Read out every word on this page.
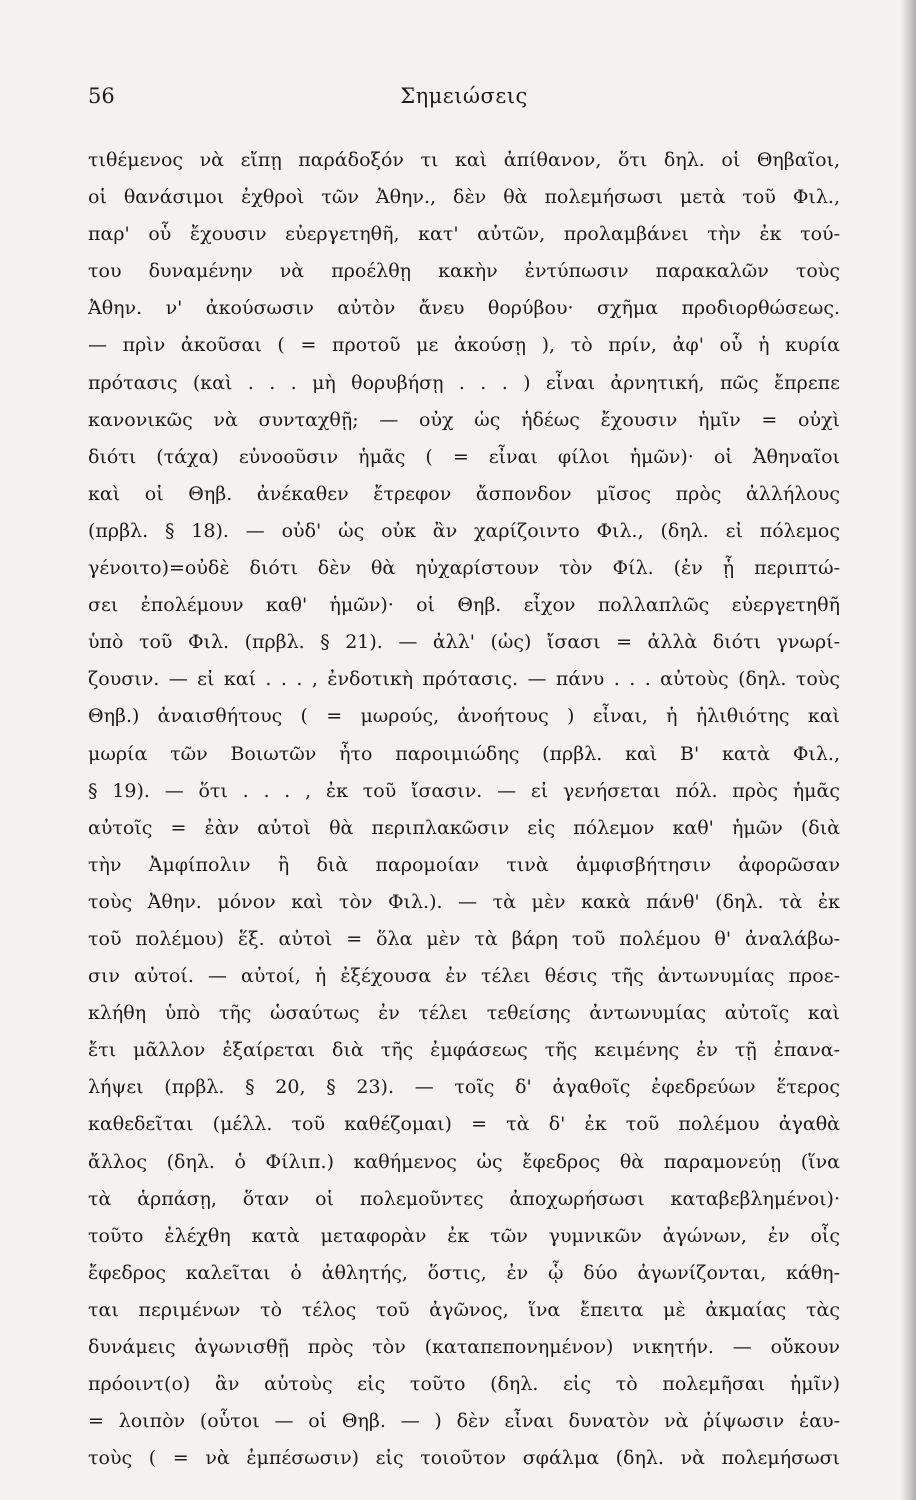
56	Σημειώσεις
τιθέμενος νὰ εἴπῃ παράδοξόν τι καὶ ἀπίθανον, ὅτι δηλ. οἱ Θηβαῖοι,
οἱ θανάσιμοι ἐχθροὶ τῶν Ἀθην., δὲν θὰ πολεμήσωσι μετὰ τοῦ Φιλ.,
παρ' οὗ ἔχουσιν εὐεργετηθῆ, κατ' αὐτῶν, προλαμβάνει τὴν ἐκ τού-
του δυναμένην νὰ προέλθῃ κακὴν ἐντύπωσιν παρακαλῶν τοὺς
Ἀθην. ν' ἀκούσωσιν αὐτὸν ἄνευ θορύβου· σχῆμα προδιορθώσεως.
— πρὶν ἀκοῦσαι ( = προτοῦ με ἀκούσῃ ), τὸ πρίν, ἀφ' οὗ ἡ κυρία
πρότασις (καὶ . . . μὴ θορυβήσῃ . . . ) εἶναι ἀρνητική, πῶς ἔπρεπε
κανονικῶς νὰ συνταχθῇ; — οὐχ ὡς ἡδέως ἔχουσιν ἡμῖν = οὐχὶ
διότι (τάχα) εὐνοοῦσιν ἡμᾶς ( = εἶναι φίλοι ἡμῶν)· οἱ Ἀθηναῖοι
καὶ οἱ Θηβ. ἀνέκαθεν ἔτρεφον ἄσπονδον μῖσος πρὸς ἀλλήλους
(πρβλ. § 18). — οὐδ' ὡς οὐκ ἂν χαρίζοιντο Φιλ., (δηλ. εἰ πόλεμος
γένοιτο)=οὐδὲ διότι δὲν θὰ ηὐχαρίστουν τὸν Φίλ. (ἐν ᾗ περιπτώ-
σει ἐπολέμουν καθ' ἡμῶν)· οἱ Θηβ. εἶχον πολλαπλῶς εὐεργετηθῆ
ὑπὸ τοῦ Φιλ. (πρβλ. § 21). — ἀλλ' (ὡς) ἴσασι = ἀλλὰ διότι γνωρί-
ζουσιν. — εἰ καί . . . , ἐνδοτικὴ πρότασις. — πάνυ . . . αὐτοὺς (δηλ. τοὺς
Θηβ.) ἀναισθήτους ( = μωρούς, ἀνοήτους ) εἶναι, ἡ ἠλιθιότης καὶ
μωρία τῶν Βοιωτῶν ἦτο παροιμιώδης (πρβλ. καὶ Β' κατὰ Φιλ.,
§ 19). — ὅτι . . . , ἐκ τοῦ ἴσασιν. — εἰ γενήσεται πόλ. πρὸς ἡμᾶς
αὐτοῖς = ἐὰν αὐτοὶ θὰ περιπλακῶσιν εἰς πόλεμον καθ' ἡμῶν (διὰ
τὴν Ἀμφίπολιν ἢ διὰ παρομοίαν τινὰ ἀμφισβήτησιν ἀφορῶσαν
τοὺς Ἀθην. μόνον καὶ τὸν Φιλ.). — τὰ μὲν κακὰ πάνθ' (δηλ. τὰ ἐκ
τοῦ πολέμου) ἕξ. αὐτοὶ = ὅλα μὲν τὰ βάρη τοῦ πολέμου θ' ἀναλάβω-
σιν αὐτοί. — αὐτοί, ἡ ἐξέχουσα ἐν τέλει θέσις τῆς ἀντωνυμίας προε-
κλήθη ὑπὸ τῆς ὡσαύτως ἐν τέλει τεθείσης ἀντωνυμίας αὐτοῖς καὶ
ἔτι μᾶλλον ἐξαίρεται διὰ τῆς ἐμφάσεως τῆς κειμένης ἐν τῇ ἐπανα-
λήψει (πρβλ. § 20, § 23). — τοῖς δ' ἀγαθοῖς ἐφεδρεύων ἕτερος
καθεδεῖται (μέλλ. τοῦ καθέζομαι) = τὰ δ' ἐκ τοῦ πολέμου ἀγαθὰ
ἄλλος (δηλ. ὁ Φίλιπ.) καθήμενος ὡς ἔφεδρος θὰ παραμονεύῃ (ἵνα
τὰ ἁρπάσῃ, ὅταν οἱ πολεμοῦντες ἀποχωρήσωσι καταβεβλημένοι)·
τοῦτο ἐλέχθη κατὰ μεταφορὰν ἐκ τῶν γυμνικῶν ἀγώνων, ἐν οἷς
ἔφεδρος καλεῖται ὁ ἀθλητής, ὅστις, ἐν ᾧ δύο ἀγωνίζονται, κάθη-
ται περιμένων τὸ τέλος τοῦ ἀγῶνος, ἵνα ἔπειτα μὲ ἀκμαίας τὰς
δυνάμεις ἀγωνισθῇ πρὸς τὸν (καταπεπονημένον) νικητήν. — οὔκουν
πρόοιντ(ο) ἂν αὐτοὺς εἰς τοῦτο (δηλ. εἰς τὸ πολεμῆσαι ἡμῖν)
= λοιπὸν (οὗτοι — οἱ Θηβ. — ) δὲν εἶναι δυνατὸν νὰ ῥίψωσιν ἑαυ-
τοὺς ( = νὰ ἐμπέσωσιν) εἰς τοιοῦτον σφάλμα (δηλ. νὰ πολεμήσωσι
